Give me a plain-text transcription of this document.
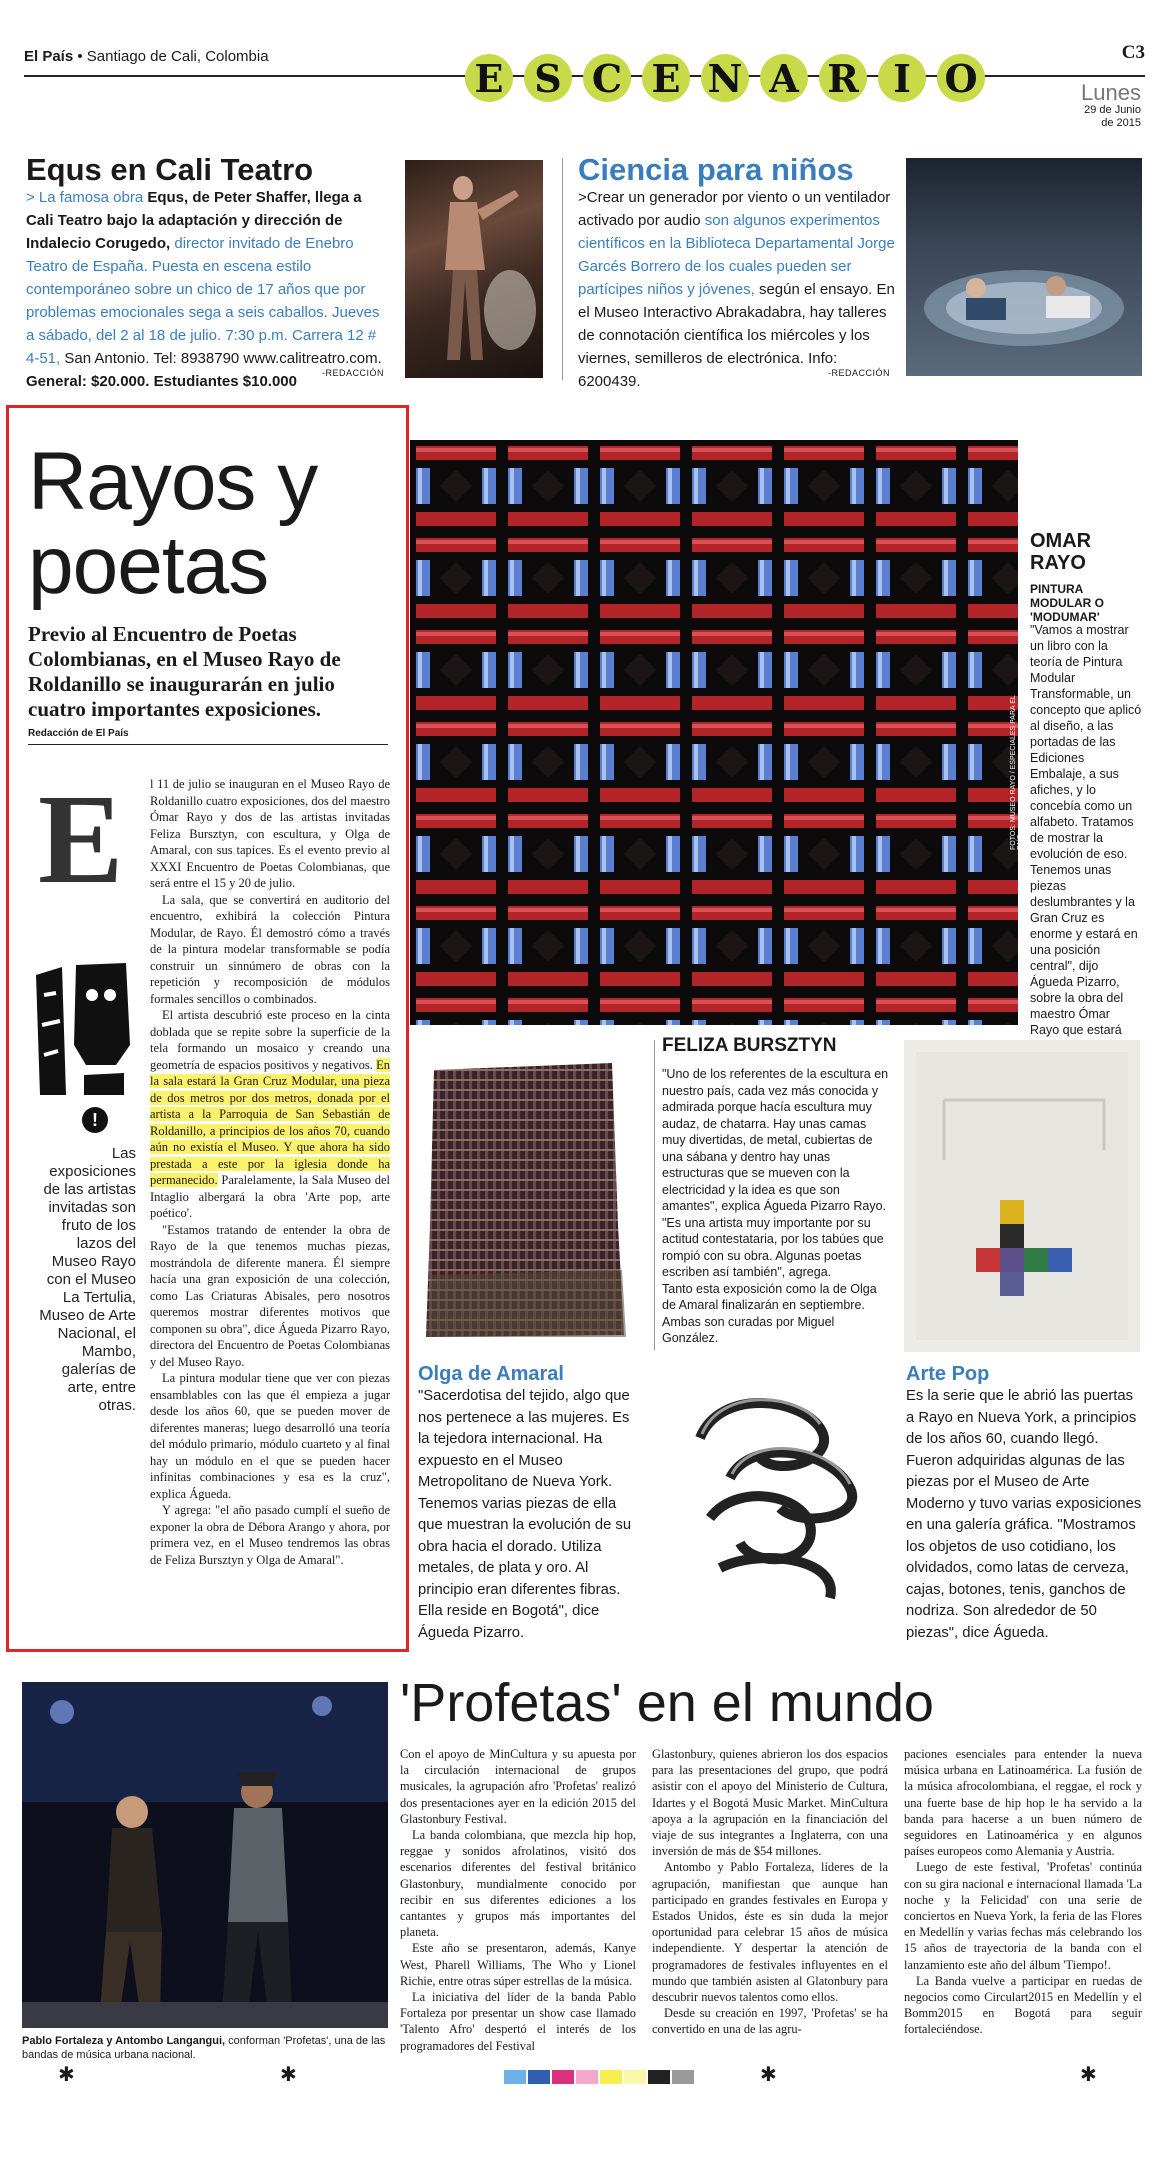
El País • Santiago de Cali, Colombia	E S C E N A R I O
C3
Lunes
29 de Junio de 2015
Equs en Cali Teatro
> La famosa obra Equs, de Peter Shaffer, llega a Cali Teatro bajo la adaptación y dirección de Indalecio Corugedo, director invitado de Enebro Teatro de España. Puesta en escena estilo contemporáneo sobre un chico de 17 años que por problemas emocionales sega a seis caballos. Jueves a sábado, del 2 al 18 de julio. 7:30 p.m. Carrera 12 # 4-51, San Antonio. Tel: 8938790 www.calitreatro.com. General: $20.000. Estudiantes $10.000	-REDACCIÓN
Ciencia para niños
>Crear un generador por viento o un ventilador activado por audio son algunos experimentos científicos en la Biblioteca Departamental Jorge Garcés Borrero de los cuales pueden ser partícipes niños y jóvenes, según el ensayo. En el Museo Interactivo Abrakadabra, hay talleres de connotación científica los miércoles y los viernes, semilleros de electrónica. Info: 6200439.	-REDACCIÓN
Rayos y
poetas
Previo al Encuentro de Poetas Colombianas, en el Museo Rayo de Roldanillo se inaugurarán en julio cuatro importantes exposiciones.
Redacción de El País
E l 11 de julio se inauguran en el Museo Rayo de Roldanillo cuatro exposiciones, dos del maestro Ómar Rayo y dos de las artistas invitadas Feliza Bursztyn, con escultura, y Olga de Amaral, con sus tapices. Es el evento previo al XXXI Encuentro de Poetas Colombianas, que será entre el 15 y 20 de julio.

La sala, que se convertirá en auditorio del encuentro, exhibirá la colección Pintura Modular, de Rayo. Él demostró cómo a través de la pintura modelar transformable se podía construir un sinnúmero de obras con la repetición y recomposición de módulos formales sencillos o combinados.

El artista descubrió este proceso en la cinta doblada que se repite sobre la superficie de la tela formando un mosaico y creando una geometría de espacios positivos y negativos. En la sala estará la Gran Cruz Modular, una pieza de dos metros por dos metros, donada por el artista a la Parroquia de San Sebastián de Roldanillo, a principios de los años 70, cuando aún no existía el Museo. Y que ahora ha sido prestada a este por la iglesia donde ha permanecido. Paralelamente, la Sala Museo del Intaglio albergará la obra 'Arte pop, arte poético'.

"Estamos tratando de entender la obra de Rayo de la que tenemos muchas piezas, mostrándola de diferente manera. Él siempre hacía una gran exposición de una colección, como Las Criaturas Abisales, pero nosotros queremos mostrar diferentes motivos que componen su obra", dice Águeda Pizarro Rayo, directora del Encuentro de Poetas Colombianas y del Museo Rayo.

La pintura modular tiene que ver con piezas ensamblables con las que él empieza a jugar desde los años 60, que se pueden mover de diferentes maneras; luego desarrolló una teoría del módulo primario, módulo cuarteto y al final hay un módulo en el que se pueden hacer infinitas combinaciones y esa es la cruz", explica Águeda.

Y agrega: "el año pasado cumplí el sueño de exponer la obra de Débora Arango y ahora, por primera vez, en el Museo tendremos las obras de Feliza Bursztyn y Olga de Amaral".

!
Las exposiciones de las artistas invitadas son fruto de los lazos del Museo Rayo con el Museo La Tertulia, Museo de Arte Nacional, el Mambo, galerías de arte, entre otras.
FOTOS: MUSEO RAYO / ESPECIALES PARA EL PAÍS
OMAR
RAYO
PINTURA MODULAR O 'MODUMAR'
"Vamos a mostrar un libro con la teoría de Pintura Modular Transformable, un concepto que aplicó al diseño, a las portadas de las Ediciones Embalaje, a sus afiches, y lo concebía como un alfabeto. Tratamos de mostrar la evolución de eso. Tenemos unas piezas deslumbrantes y la Gran Cruz es enorme y estará en una posición central", dijo Águeda Pizarro, sobre la obra del maestro Ómar Rayo que estará
Olga de Amaral
"Sacerdotisa del tejido, algo que nos pertenece a las mujeres. Es la tejedora internacional. Ha expuesto en el Museo Metropolitano de Nueva York. Tenemos varias piezas de ella que muestran la evolución de su obra hacia el dorado. Utiliza metales, de plata y oro. Al principio eran diferentes fibras. Ella reside en Bogotá", dice Águeda Pizarro.
FELIZA BURSZTYN
"Uno de los referentes de la escultura en nuestro país, cada vez más conocida y admirada porque hacía escultura muy audaz, de chatarra. Hay unas camas muy divertidas, de metal, cubiertas de una sábana y dentro hay unas estructuras que se mueven con la electricidad y la idea es que son amantes", explica Águeda Pizarro Rayo. "Es una artista muy importante por su actitud contestataria, por los tabúes que rompió con su obra. Algunas poetas escriben así también", agrega.
Tanto esta exposición como la de Olga de Amaral finalizarán en septiembre. Ambas son curadas por Miguel González.
Arte Pop
Es la serie que le abrió las puertas a Rayo en Nueva York, a principios de los años 60, cuando llegó. Fueron adquiridas algunas de las piezas por el Museo de Arte Moderno y tuvo varias exposiciones en una galería gráfica. "Mostramos los objetos de uso cotidiano, los olvidados, como latas de cerveza, cajas, botones, tenis, ganchos de nodriza. Son alrededor de 50 piezas", dice Águeda.
Pablo Fortaleza y Antombo Langangui, conforman 'Profetas', una de las bandas de música urbana nacional.
'Profetas' en el mundo

Con el apoyo de MinCultura y su apuesta por la circulación internacional de grupos musicales, la agrupación afro 'Profetas' realizó dos presentaciones ayer en la edición 2015 del Glastonbury Festival.

La banda colombiana, que mezcla hip hop, reggae y sonidos afrolatinos, visitó dos escenarios diferentes del festival británico Glastonbury, mundialmente conocido por recibir en sus diferentes ediciones a los cantantes y grupos más importantes del planeta.

Este año se presentaron, además, Kanye West, Pharell Williams, The Who y Lionel Richie, entre otras súper estrellas de la música.

La iniciativa del líder de la banda Pablo Fortaleza por presentar un show case llamado 'Talento Afro' despertó el interés de los programadores del Festival

Glastonbury, quienes abrieron los dos espacios para las presentaciones del grupo, que podrá asistir con el apoyo del Ministerio de Cultura, Idartes y el Bogotá Music Market. MinCultura apoya a la agrupación en la financiación del viaje de sus integrantes a Inglaterra, con una inversión de más de $54 millones.

Antombo y Pablo Fortaleza, líderes de la agrupación, manifiestan que aunque han participado en grandes festivales en Europa y Estados Unidos, éste es sin duda la mejor oportunidad para celebrar 15 años de música independiente. Y despertar la atención de programadores de festivales influyentes en el mundo que también asisten al Glatonbury para descubrir nuevos talentos como ellos.

Desde su creación en 1997, 'Profetas' se ha convertido en una de las agru-

paciones esenciales para entender la nueva música urbana en Latinoamérica. La fusión de la música afrocolombiana, el reggae, el rock y una fuerte base de hip hop le ha servido a la banda para hacerse a un buen número de seguidores en Latinoamérica y en algunos países europeos como Alemania y Austria.

Luego de este festival, 'Profetas' continúa con su gira nacional e internacional llamada 'La noche y la Felicidad' con una serie de conciertos en Nueva York, la feria de las Flores en Medellín y varias fechas más celebrando los 15 años de trayectoria de la banda con el lanzamiento este año del álbum 'Tiempo!.

La Banda vuelve a participar en ruedas de negocios como Circulart2015 en Medellín y el Bomm2015 en Bogotá para seguir fortaleciéndose.

✱	✱	✱	✱
